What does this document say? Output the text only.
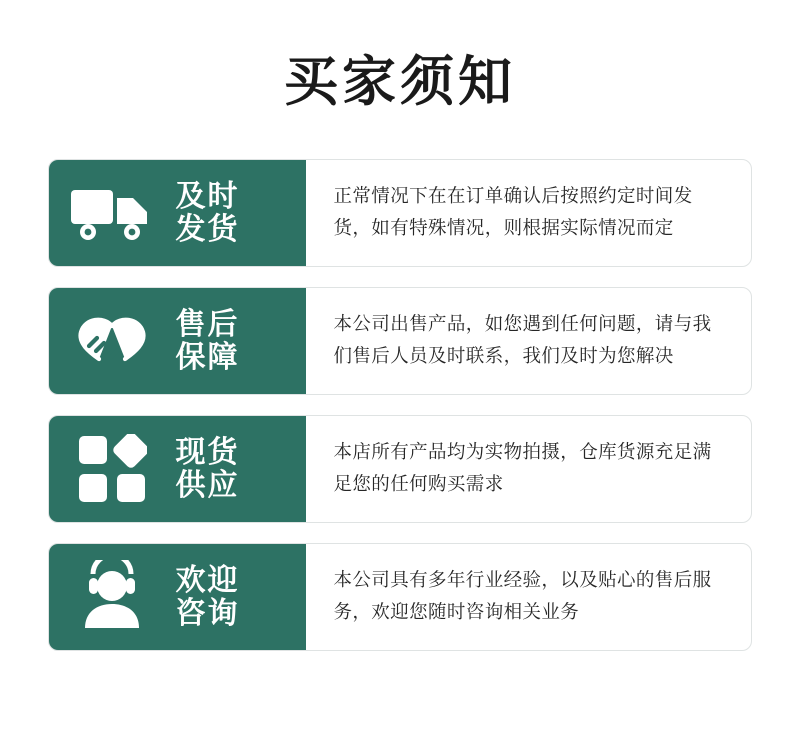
买家须知
及时
发货

正常情况下在在订单确认后按照约定时间发货，如有特殊情况，则根据实际情况而定

售后
保障

本公司出售产品，如您遇到任何问题，请与我们售后人员及时联系，我们及时为您解决

现货
供应

本店所有产品均为实物拍摄，仓库货源充足满足您的任何购买需求

欢迎
咨询

本公司具有多年行业经验，以及贴心的售后服务，欢迎您随时咨询相关业务
